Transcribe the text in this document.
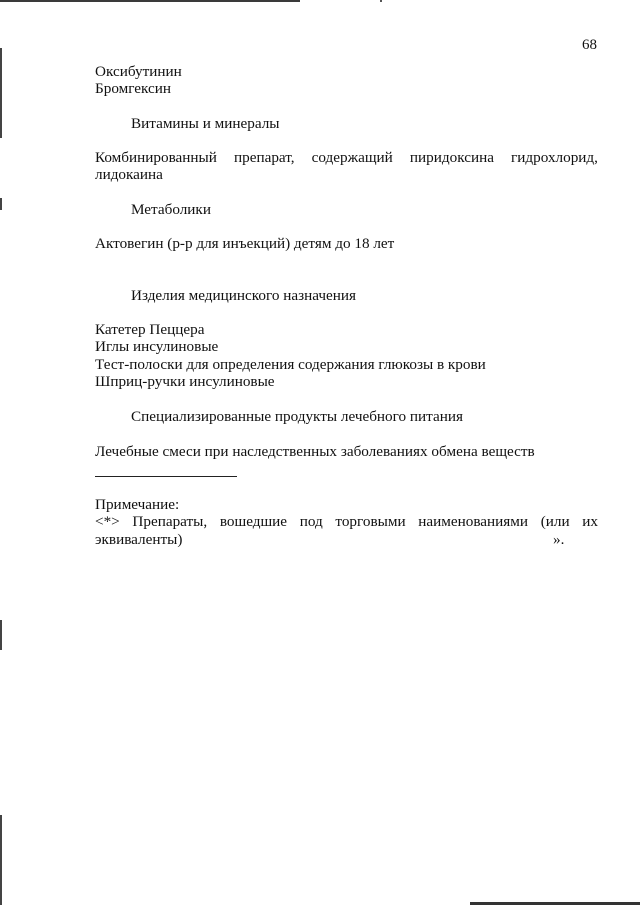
68
Оксибутинин
Бромгексин
Витамины и минералы
Комбинированный препарат, содержащий пиридоксина гидрохлорид,
лидокаина
Метаболики
Актовегин (р-р для инъекций) детям до 18 лет
Изделия медицинского назначения
Катетер Пеццера
Иглы инсулиновые
Тест-полоски для определения содержания глюкозы в крови
Шприц-ручки инсулиновые
Специализированные продукты лечебного питания
Лечебные смеси при наследственных заболеваниях обмена веществ
Примечание:
<*> Препараты, вошедшие под торговыми наименованиями (или их
эквиваленты)	».
